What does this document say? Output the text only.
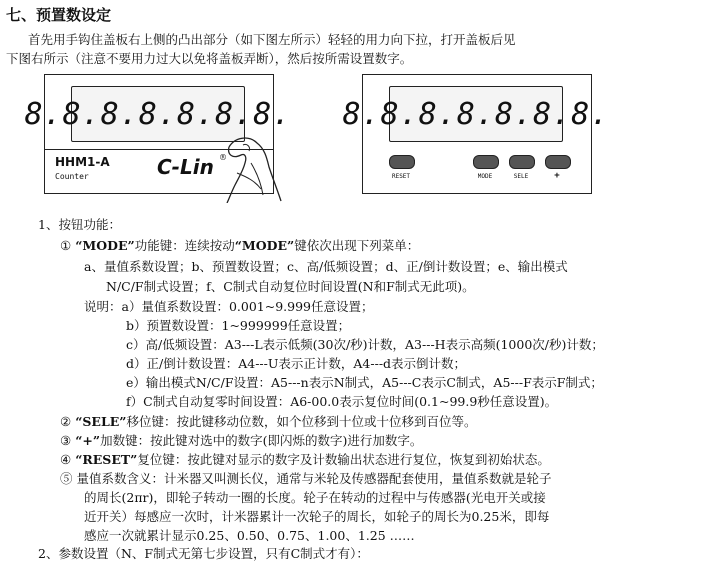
七、预置数设定
首先用手钩住盖板右上侧的凸出部分（如下图左所示）轻轻的用力向下拉，打开盖板后见
下图右所示（注意不要用力过大以免将盖板弄断），然后按所需设置数字。
8.8.8.8.8.8.8.
HHM1-A
Counter	C-Lin ®
8.8.8.8.8.8.8.
RESET	MODE	SELE	+
1、按钮功能：
① “MODE”功能键：连续按动“MODE”键依次出现下列菜单：
a、量值系数设置；b、预置数设置；c、高/低频设置；d、正/倒计数设置；e、输出模式
N/C/F制式设置；f、C制式自动复位时间设置(N和F制式无此项)。
说明：a）量值系数设置：0.001~9.999任意设置；
b）预置数设置：1~999999任意设置；
c）高/低频设置：A3---L表示低频(30次/秒)计数，A3---H表示高频(1000次/秒)计数；
d）正/倒计数设置：A4---U表示正计数，A4---d表示倒计数；
e）输出模式N/C/F设置：A5---n表示N制式，A5---C表示C制式，A5---F表示F制式；
f）C制式自动复零时间设置：A6-00.0表示复位时间(0.1~99.9秒任意设置)。
② “SELE”移位键：按此键移动位数，如个位移到十位或十位移到百位等。
③ “+”加数键：按此键对选中的数字(即闪烁的数字)进行加数字。
④ “RESET”复位键：按此键对显示的数字及计数输出状态进行复位，恢复到初始状态。
⑤ 量值系数含义：计米器又叫测长仪，通常与米轮及传感器配套使用，量值系数就是轮子
的周长(2πr)，即轮子转动一圈的长度。轮子在转动的过程中与传感器(光电开关或接
近开关）每感应一次时，计米器累计一次轮子的周长，如轮子的周长为0.25米，即每
感应一次就累计显示0.25、0.50、0.75、1.00、1.25 ……
2、参数设置（N、F制式无第七步设置，只有C制式才有）：
